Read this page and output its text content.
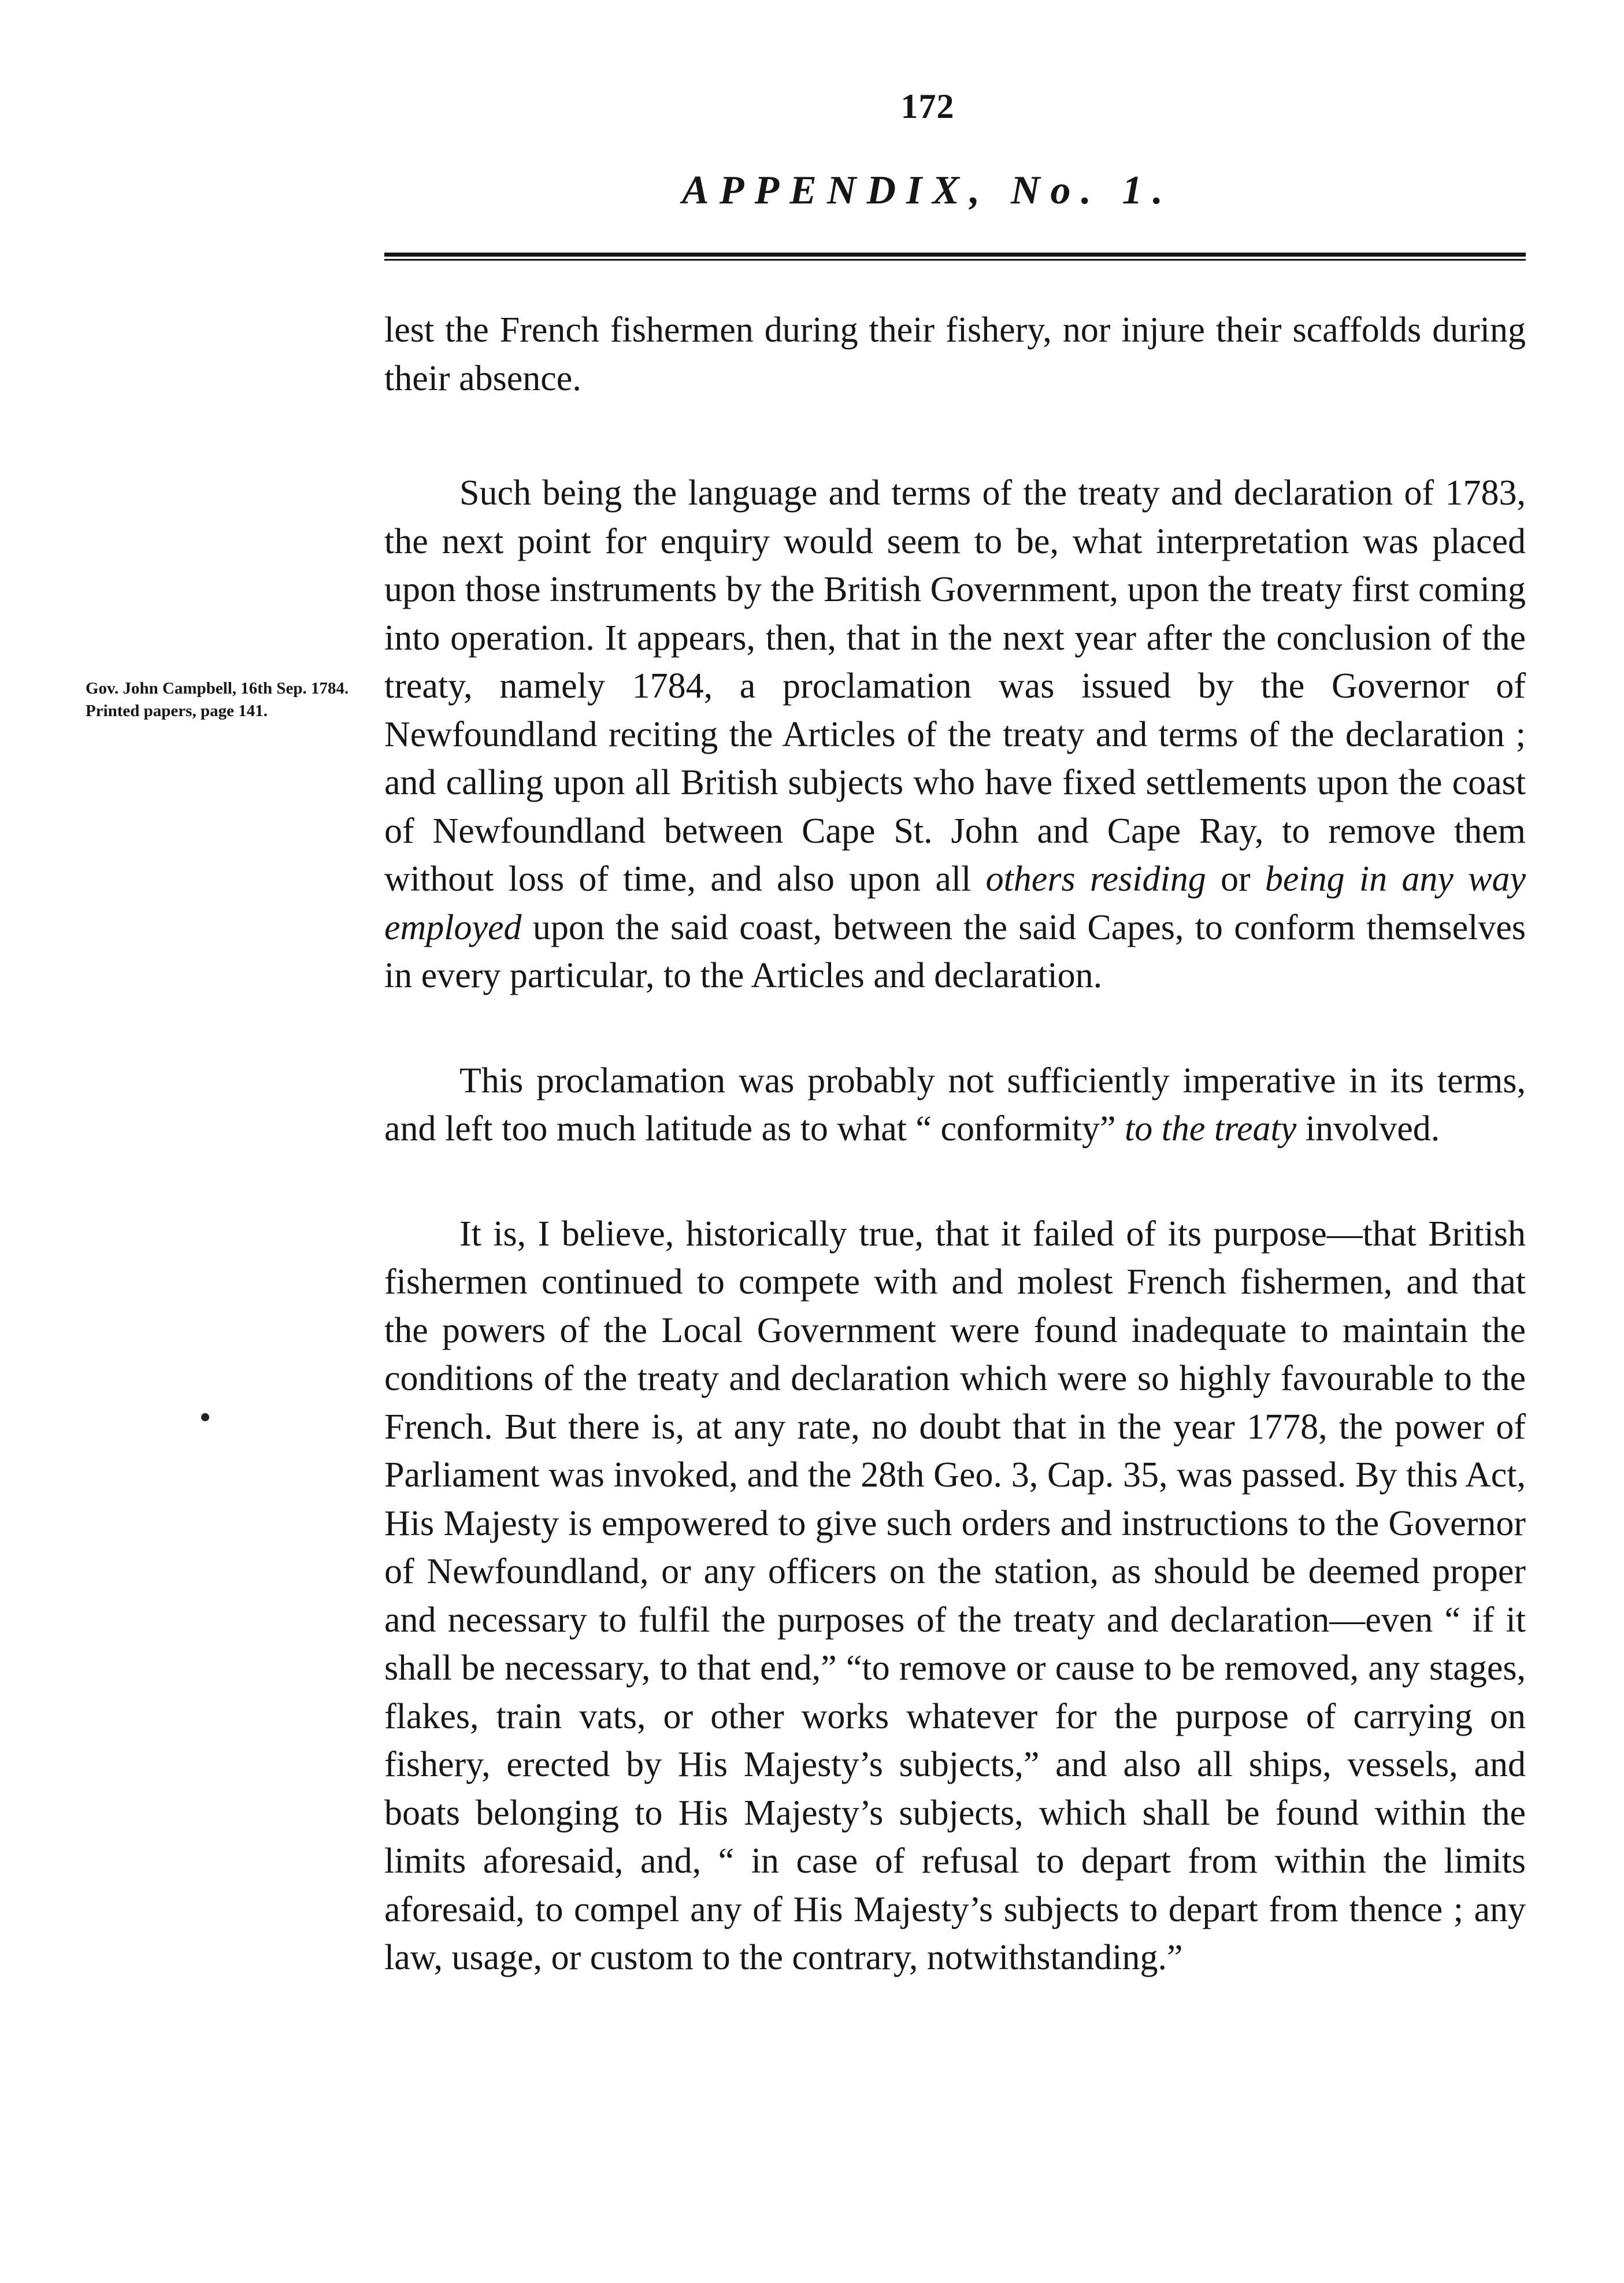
172
APPENDIX, No. 1.
Gov. John Campbell, 16th Sep. 1784. Printed papers, page 141.

lest the French fishermen during their fishery, nor injure their scaffolds during their absence.

Such being the language and terms of the treaty and declaration of 1783, the next point for enquiry would seem to be, what interpretation was placed upon those instruments by the British Government, upon the treaty first coming into operation. It appears, then, that in the next year after the conclusion of the treaty, namely 1784, a proclamation was issued by the Governor of Newfoundland reciting the Articles of the treaty and terms of the declaration ; and calling upon all British subjects who have fixed settlements upon the coast of Newfoundland between Cape St. John and Cape Ray, to remove them without loss of time, and also upon all others residing or being in any way employed upon the said coast, between the said Capes, to conform themselves in every particular, to the Articles and declaration.

This proclamation was probably not sufficiently imperative in its terms, and left too much latitude as to what “ conformity” to the treaty involved.

It is, I believe, historically true, that it failed of its purpose—that British fishermen continued to compete with and molest French fishermen, and that the powers of the Local Government were found inadequate to maintain the conditions of the treaty and declaration which were so highly favourable to the French. But there is, at any rate, no doubt that in the year 1778, the power of Parliament was invoked, and the 28th Geo. 3, Cap. 35, was passed. By this Act, His Majesty is empowered to give such orders and instructions to the Governor of Newfoundland, or any officers on the station, as should be deemed proper and necessary to fulfil the purposes of the treaty and declaration—even “ if it shall be necessary, to that end,” “to remove or cause to be removed, any stages, flakes, train vats, or other works whatever for the purpose of carrying on fishery, erected by His Majesty’s subjects,” and also all ships, vessels, and boats belonging to His Majesty’s subjects, which shall be found within the limits aforesaid, and, “ in case of refusal to depart from within the limits aforesaid, to compel any of His Majesty’s subjects to depart from thence ; any law, usage, or custom to the contrary, notwithstanding.”
